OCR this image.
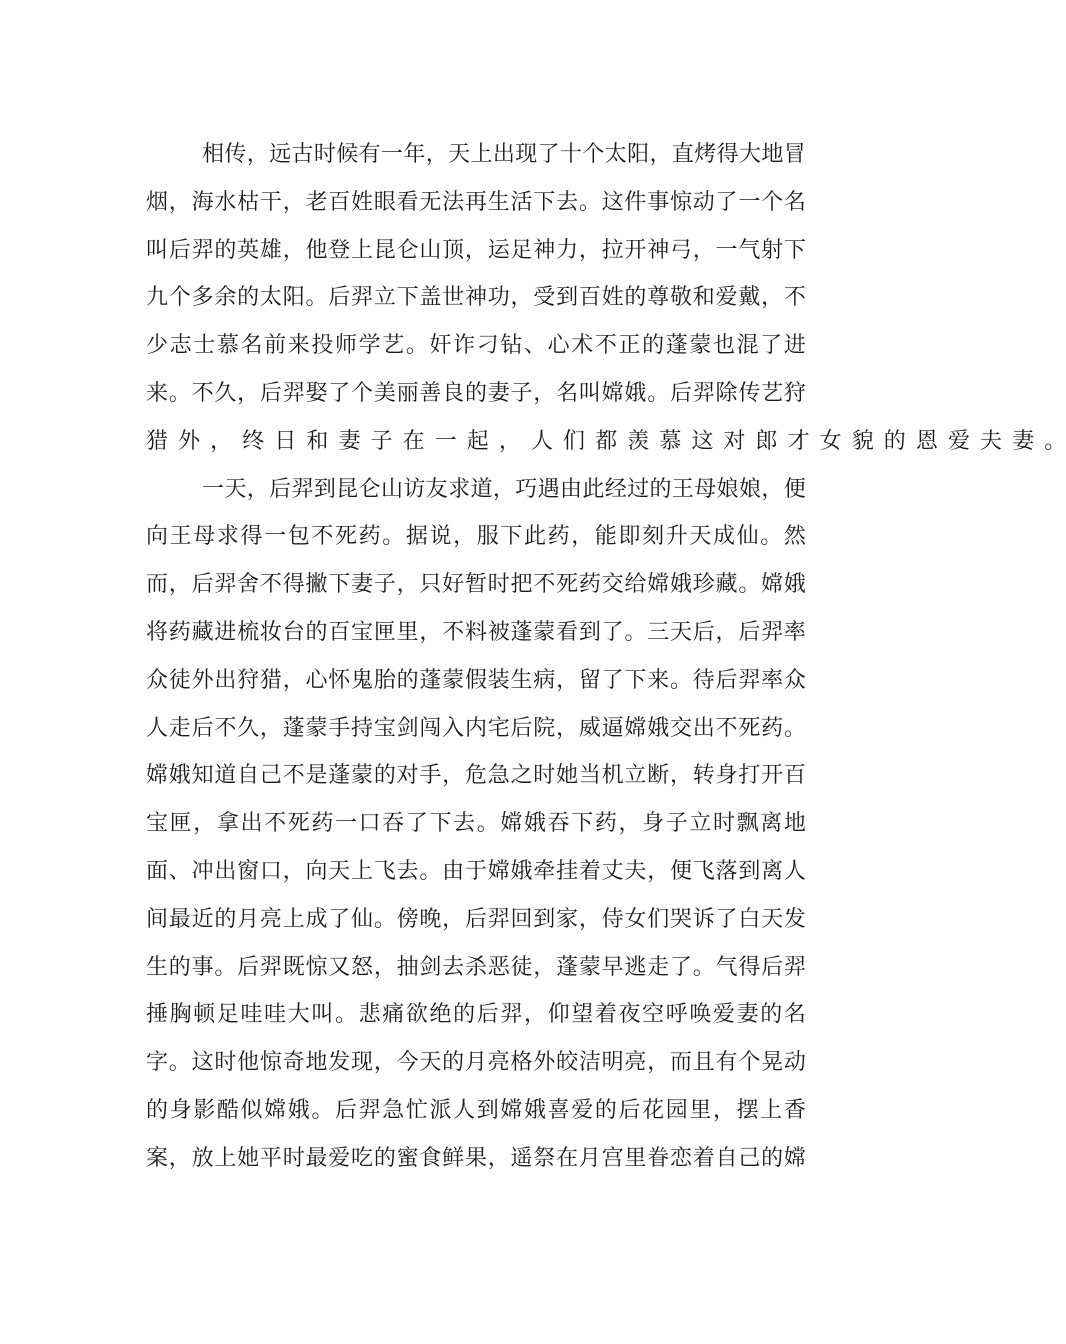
相 传 ， 远 古 时 候 有 一 年 ， 天 上 出 现 了 十 个 太 阳 ， 直 烤 得 大 地 冒
烟 ， 海 水 枯 干 ， 老 百 姓 眼 看 无 法 再 生 活 下 去 。 这 件 事 惊 动 了 一 个 名
叫 后 羿 的 英 雄 ， 他 登 上 昆 仑 山 顶 ， 运 足 神 力 ， 拉 开 神 弓 ， 一 气 射 下
九 个 多 余 的 太 阳 。 后 羿 立 下 盖 世 神 功 ， 受 到 百 姓 的 尊 敬 和 爱 戴 ， 不
少 志 士 慕 名 前 来 投 师 学 艺 。 奸 诈 刁 钻 、 心 术 不 正 的 蓬 蒙 也 混 了 进
来 。 不 久 ， 后 羿 娶 了 个 美 丽 善 良 的 妻 子 ， 名 叫 嫦 娥 。 后 羿 除 传 艺 狩
猎 外 ， 终 日 和 妻 子 在 一 起 ， 人 们 都 羡 慕 这 对 郎 才 女 貌 的 恩 爱 夫 妻 。
一 天 ， 后 羿 到 昆 仑 山 访 友 求 道 ， 巧 遇 由 此 经 过 的 王 母 娘 娘 ， 便
向 王 母 求 得 一 包 不 死 药 。 据 说 ， 服 下 此 药 ， 能 即 刻 升 天 成 仙 。 然
而 ， 后 羿 舍 不 得 撇 下 妻 子 ， 只 好 暂 时 把 不 死 药 交 给 嫦 娥 珍 藏 。 嫦 娥
将 药 藏 进 梳 妆 台 的 百 宝 匣 里 ， 不 料 被 蓬 蒙 看 到 了 。 三 天 后 ， 后 羿 率
众 徒 外 出 狩 猎 ， 心 怀 鬼 胎 的 蓬 蒙 假 装 生 病 ， 留 了 下 来 。 待 后 羿 率 众
人 走 后 不 久 ， 蓬 蒙 手 持 宝 剑 闯 入 内 宅 后 院 ， 威 逼 嫦 娥 交 出 不 死 药 。
嫦 娥 知 道 自 己 不 是 蓬 蒙 的 对 手 ， 危 急 之 时 她 当 机 立 断 ， 转 身 打 开 百
宝 匣 ， 拿 出 不 死 药 一 口 吞 了 下 去 。 嫦 娥 吞 下 药 ， 身 子 立 时 飘 离 地
面 、 冲 出 窗 口 ， 向 天 上 飞 去 。 由 于 嫦 娥 牵 挂 着 丈 夫 ， 便 飞 落 到 离 人
间 最 近 的 月 亮 上 成 了 仙 。 傍 晚 ， 后 羿 回 到 家 ， 侍 女 们 哭 诉 了 白 天 发
生 的 事 。 后 羿 既 惊 又 怒 ， 抽 剑 去 杀 恶 徒 ， 蓬 蒙 早 逃 走 了 。 气 得 后 羿
捶 胸 顿 足 哇 哇 大 叫 。 悲 痛 欲 绝 的 后 羿 ， 仰 望 着 夜 空 呼 唤 爱 妻 的 名
字 。 这 时 他 惊 奇 地 发 现 ， 今 天 的 月 亮 格 外 皎 洁 明 亮 ， 而 且 有 个 晃 动
的 身 影 酷 似 嫦 娥 。 后 羿 急 忙 派 人 到 嫦 娥 喜 爱 的 后 花 园 里 ， 摆 上 香
案 ， 放 上 她 平 时 最 爱 吃 的 蜜 食 鲜 果 ， 遥 祭 在 月 宫 里 眷 恋 着 自 己 的 嫦
